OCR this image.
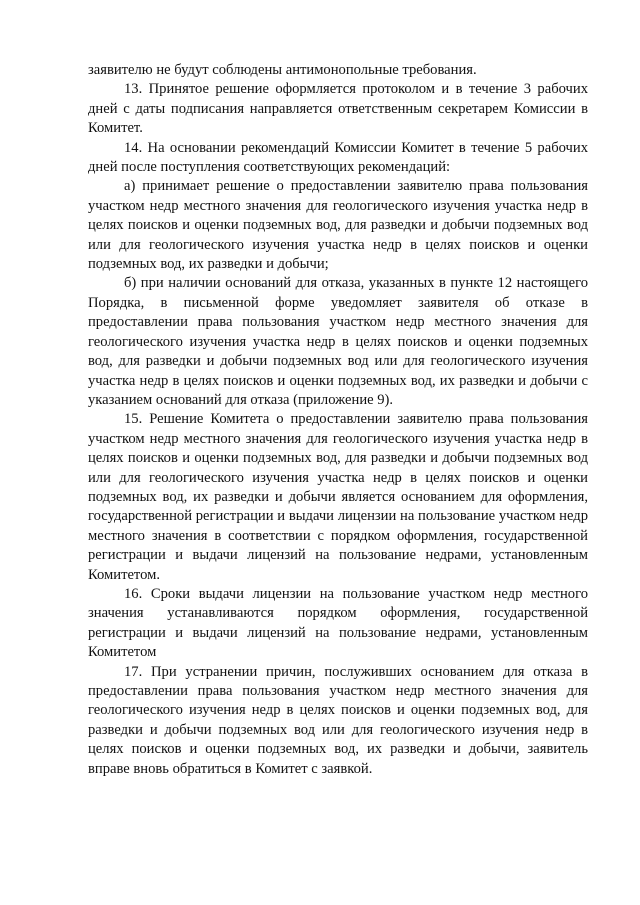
заявителю не будут соблюдены антимонопольные требования.

13. Принятое решение оформляется протоколом и в течение 3 рабочих дней с даты подписания направляется ответственным секретарем Комиссии в Комитет.

14. На основании рекомендаций Комиссии Комитет в течение 5 рабочих дней после поступления соответствующих рекомендаций:

а) принимает решение о предоставлении заявителю права пользования участком недр местного значения для геологического изучения участка недр в целях поисков и оценки подземных вод, для разведки и добычи подземных вод или для геологического изучения участка недр в целях поисков и оценки подземных вод, их разведки и добычи;

б) при наличии оснований для отказа, указанных в пункте 12 настоящего Порядка, в письменной форме уведомляет заявителя об отказе в предоставлении права пользования участком недр местного значения для геологического изучения участка недр в целях поисков и оценки подземных вод, для разведки и добычи подземных вод или для геологического изучения участка недр в целях поисков и оценки подземных вод, их разведки и добычи с указанием оснований для отказа (приложение 9).

15. Решение Комитета о предоставлении заявителю права пользования участком недр местного значения для геологического изучения участка недр в целях поисков и оценки подземных вод, для разведки и добычи подземных вод или для геологического изучения участка недр в целях поисков и оценки подземных вод, их разведки и добычи является основанием для оформления, государственной регистрации и выдачи лицензии на пользование участком недр местного значения в соответствии с порядком оформления, государственной регистрации и выдачи лицензий на пользование недрами, установленным Комитетом.

16. Сроки выдачи лицензии на пользование участком недр местного значения устанавливаются порядком оформления, государственной регистрации и выдачи лицензий на пользование недрами, установленным Комитетом

17. При устранении причин, послуживших основанием для отказа в предоставлении права пользования участком недр местного значения для геологического изучения недр в целях поисков и оценки подземных вод, для разведки и добычи подземных вод или для геологического изучения недр в целях поисков и оценки подземных вод, их разведки и добычи, заявитель вправе вновь обратиться в Комитет с заявкой.
